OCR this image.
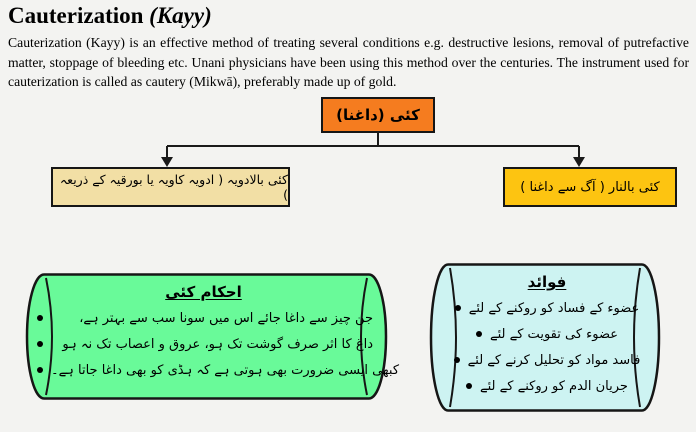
Cauterization (Kayy)

Cauterization (Kayy) is an effective method of treating several conditions e.g. destructive lesions, removal of putrefactive matter, stoppage of bleeding etc. Unani physicians have been using this method over the centuries. The instrument used for cauterization is called as cautery (Mikwā), preferably made up of gold.

کئی (داغنا)
کئی بالادویہ ( ادویہ کاویہ یا بورقیہ کے ذریعہ )	کئی بالنار ( آگ سے داغنا )
احکام کئی
جن چیز سے داغا جائے اس میں سونا سب سے بہتر ہے،
داغ کا اثر صرف گوشت تک ہو، عروق و اعصاب تک نہ ہو
کبھی ایسی ضرورت بھی ہوتی ہے کہ ہڈی کو بھی داغا جاتا ہے۔
فوائد
عضوء کے فساد کو روکنے کے لئے
عضوء کی تقویت کے لئے
فاسد مواد کو تحلیل کرنے کے لئے
جریان الدم کو روکنے کے لئے
